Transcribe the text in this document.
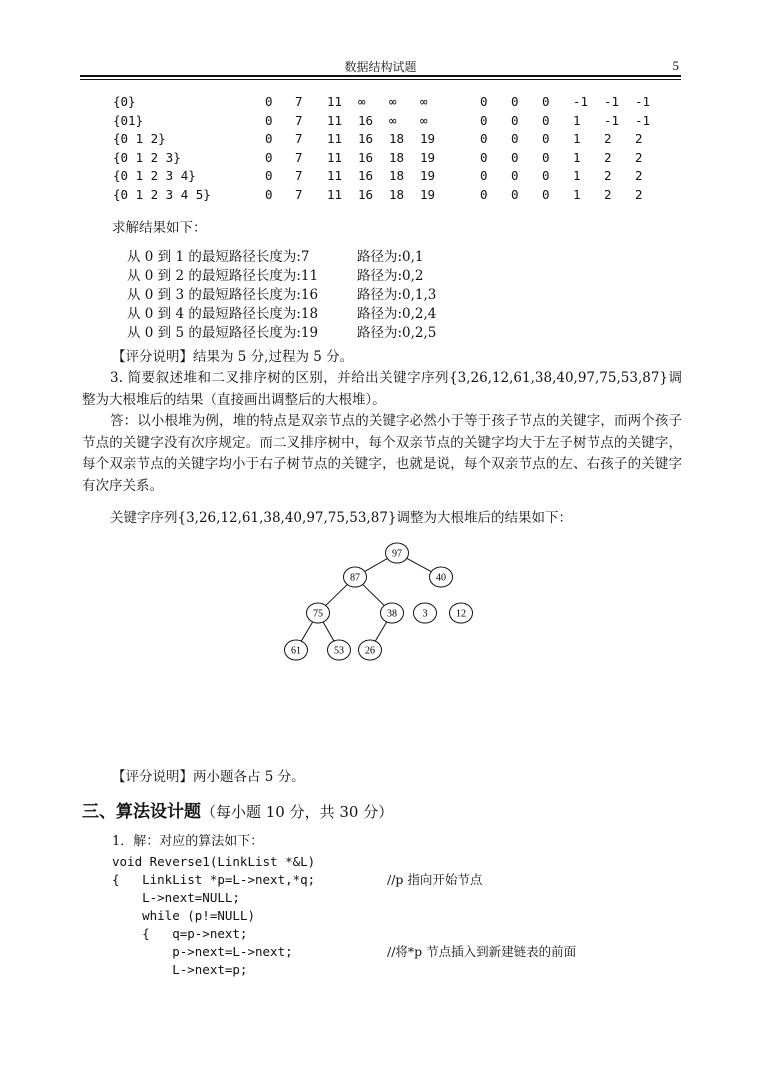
数据结构试题	5
{0}	0 7 11 ∞ ∞ ∞	0 0 0 -1 -1 -1
{01}	0 7 11 16 ∞ ∞	0 0 0 1 -1 -1
{0 1 2}	0 7 11 16 18 19	0 0 0 1 2 2
{0 1 2 3}	0 7 11 16 18 19	0 0 0 1 2 2
{0 1 2 3 4}	0 7 11 16 18 19	0 0 0 1 2 2
{0 1 2 3 4 5}	0 7 11 16 18 19	0 0 0 1 2 2
求解结果如下：
从 0 到 1 的最短路径长度为:7	路径为:0,1
从 0 到 2 的最短路径长度为:11	路径为:0,2
从 0 到 3 的最短路径长度为:16	路径为:0,1,3
从 0 到 4 的最短路径长度为:18	路径为:0,2,4
从 0 到 5 的最短路径长度为:19	路径为:0,2,5
【评分说明】结果为 5 分,过程为 5 分。
3. 简要叙述堆和二叉排序树的区别，并给出关键字序列{3,26,12,61,38,40,97,75,53,87}调整为大根堆后的结果（直接画出调整后的大根堆）。
答：以小根堆为例，堆的特点是双亲节点的关键字必然小于等于孩子节点的关键字，而两个孩子节点的关键字没有次序规定。而二叉排序树中，每个双亲节点的关键字均大于左子树节点的关键字，每个双亲节点的关键字均小于右子树节点的关键字，也就是说，每个双亲节点的左、右孩子的关键字有次序关系。
关键字序列{3,26,12,61,38,40,97,75,53,87}调整为大根堆后的结果如下：
97
87	40
75	38	3	12
61	53 26
【评分说明】两小题各占 5 分。
三、算法设计题（每小题 10 分，共 30 分）
1．解：对应的算法如下：
void Reverse1(LinkList *&L)
{   LinkList *p=L->next,*q;	//p 指向开始节点
L->next=NULL;
while (p!=NULL)
{   q=p->next;
p->next=L->next;	//将*p 节点插入到新建链表的前面
L->next=p;
